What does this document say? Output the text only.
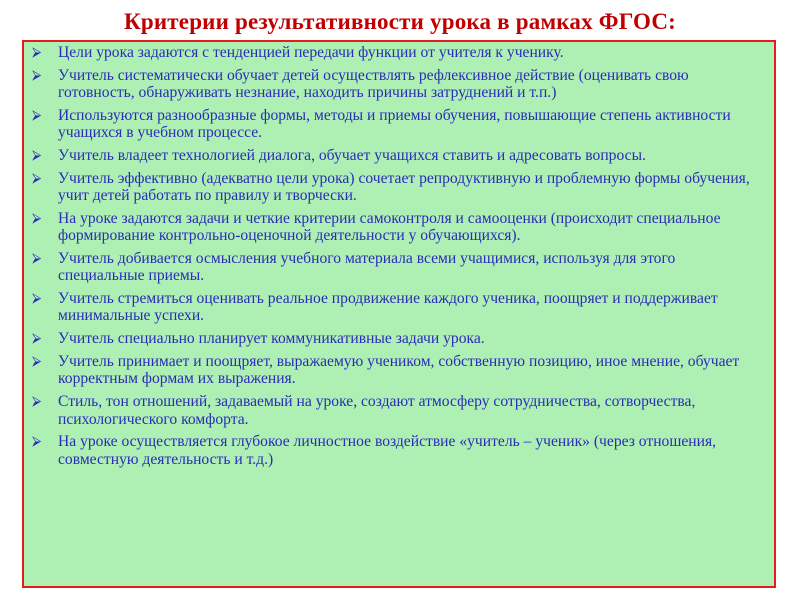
Критерии результативности урока в рамках ФГОС:
⮚	Цели урока задаются с тенденцией передачи функции от учителя к ученику.
⮚	Учитель систематически обучает детей осуществлять рефлексивное действие (оценивать свою готовность, обнаруживать незнание, находить причины затруднений и т.п.)
⮚	Используются разнообразные формы, методы и приемы обучения, повышающие степень активности учащихся в учебном процессе.
⮚	Учитель владеет технологией диалога, обучает учащихся ставить и адресовать вопросы.
⮚	Учитель эффективно (адекватно цели урока) сочетает репродуктивную и проблемную формы обучения, учит детей работать по правилу и творчески.
⮚	На уроке задаются задачи и четкие критерии самоконтроля и самооценки (происходит специальное формирование контрольно-оценочной деятельности у обучающихся).
⮚	Учитель добивается осмысления учебного материала всеми учащимися, используя для этого специальные приемы.
⮚	Учитель стремиться оценивать реальное продвижение каждого ученика, поощряет и поддерживает минимальные успехи.
⮚	Учитель специально планирует коммуникативные задачи урока.
⮚	Учитель принимает и поощряет, выражаемую учеником, собственную позицию, иное мнение, обучает корректным формам их выражения.
⮚	Стиль, тон отношений, задаваемый на уроке, создают атмосферу сотрудничества, сотворчества, психологического комфорта.
⮚	На уроке осуществляется глубокое личностное воздействие «учитель – ученик» (через отношения, совместную деятельность и т.д.)
